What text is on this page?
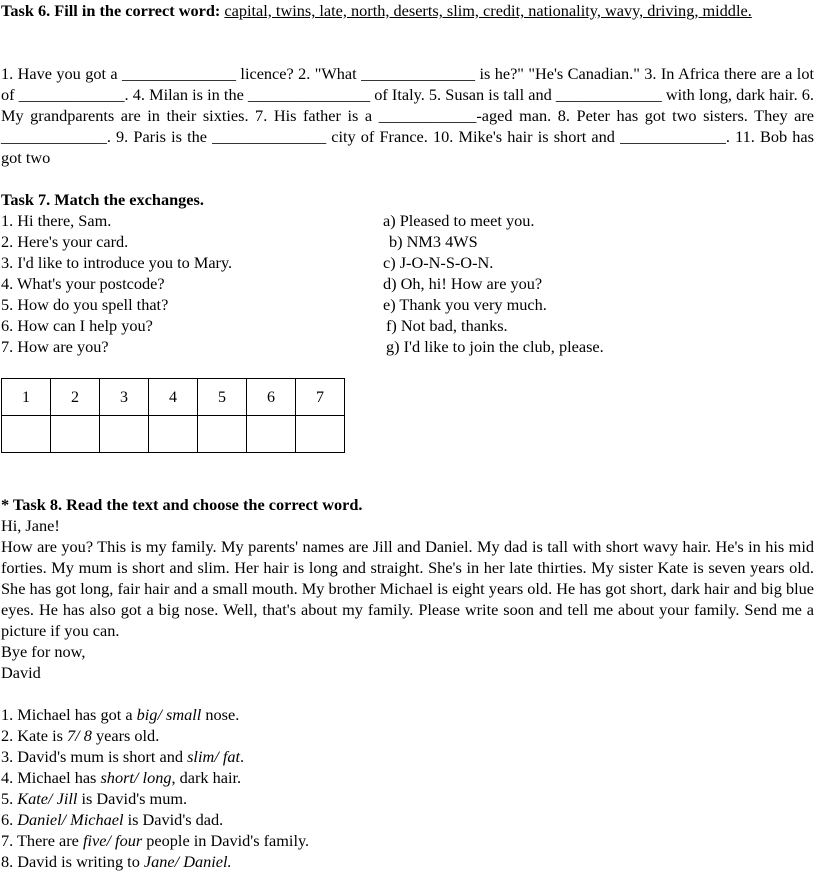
Task 6. Fill in the correct word: capital, twins, late, north, deserts, slim, credit, nationality, wavy, driving, middle.
1. Have you got a ______________ licence? 2. "What ______________ is he?" "He's Canadian." 3. In Africa there are a lot of _____________. 4. Milan is in the _______________ of Italy. 5. Susan is tall and _____________ with long, dark hair. 6. My grandparents are in their sixties. 7. His father is a ____________-aged man. 8. Peter has got two sisters. They are _____________. 9. Paris is the ______________ city of France. 10. Mike's hair is short and _____________. 11. Bob has got two
Task 7. Match the exchanges.
1. Hi there, Sam.	a) Pleased to meet you.
2. Here's your card.	b) NM3 4WS
3. I'd like to introduce you to Mary.	c) J-O-N-S-O-N.
4. What's your postcode?	d) Oh, hi! How are you?
5. How do you spell that?	e) Thank you very much.
6. How can I help you?	f) Not bad, thanks.
7. How are you?	g) I'd like to join the club, please.
1	2	3	4	5	6	7

* Task 8. Read the text and choose the correct word.
Hi, Jane!
How are you? This is my family. My parents' names are Jill and Daniel. My dad is tall with short wavy hair. He's in his mid forties. My mum is short and slim. Her hair is long and straight. She's in her late thirties. My sister Kate is seven years old. She has got long, fair hair and a small mouth. My brother Michael is eight years old. He has got short, dark hair and big blue eyes. He has also got a big nose. Well, that's about my family. Please write soon and tell me about your family. Send me a picture if you can.
Bye for now,
David
1. Michael has got a big/ small nose.
2. Kate is 7/ 8 years old.
3. David's mum is short and slim/ fat.
4. Michael has short/ long, dark hair.
5. Kate/ Jill is David's mum.
6. Daniel/ Michael is David's dad.
7. There are five/ four people in David's family.
8. David is writing to Jane/ Daniel.
